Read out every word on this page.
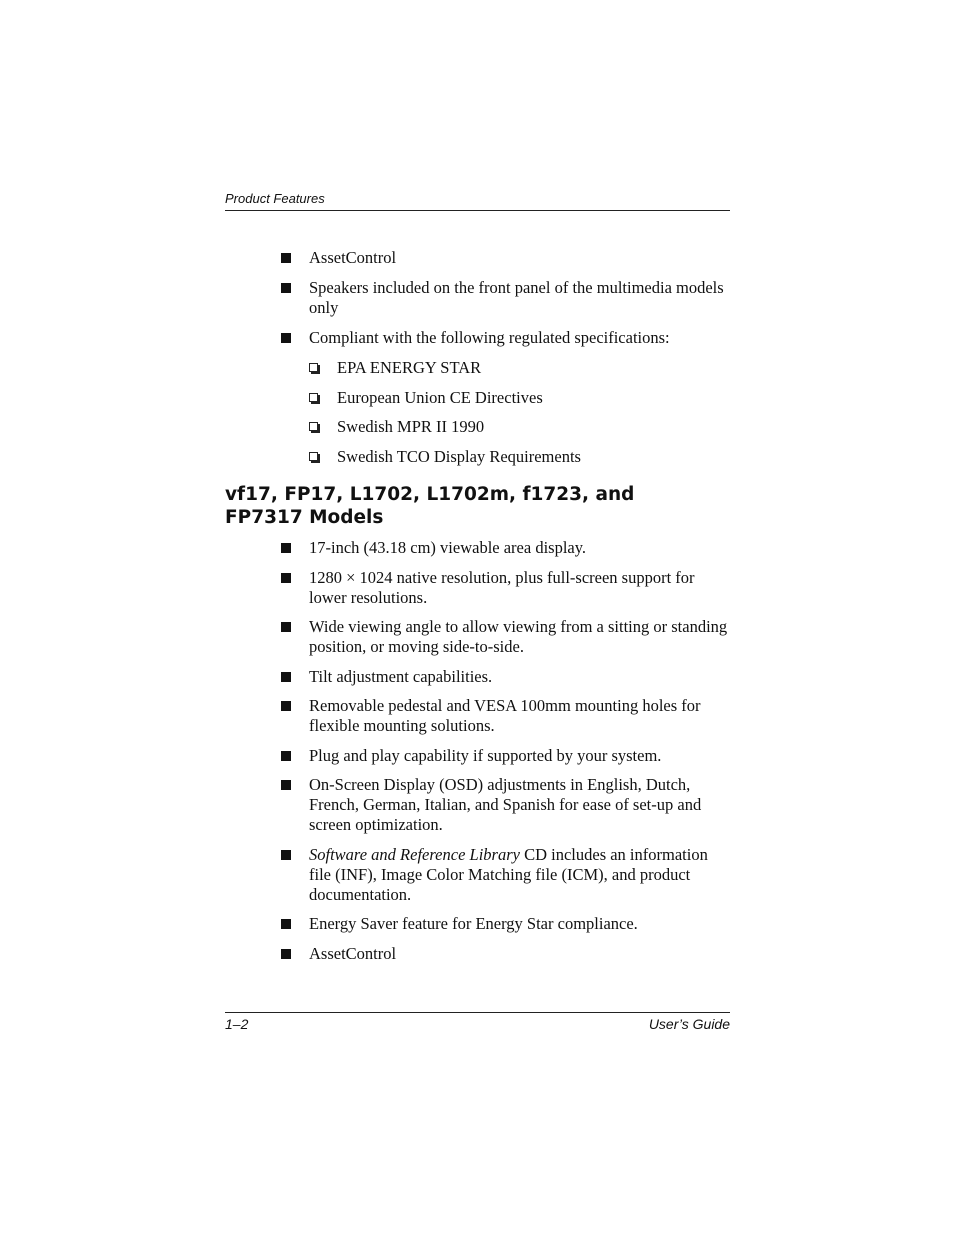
Product Features
AssetControl
Speakers included on the front panel of the multimedia models only
Compliant with the following regulated specifications:
EPA ENERGY STAR
European Union CE Directives
Swedish MPR II 1990
Swedish TCO Display Requirements
vf17, FP17, L1702, L1702m, f1723, and
FP7317 Models
17-inch (43.18 cm) viewable area display.
1280 × 1024 native resolution, plus full-screen support for lower resolutions.
Wide viewing angle to allow viewing from a sitting or standing position, or moving side-to-side.
Tilt adjustment capabilities.
Removable pedestal and VESA 100mm mounting holes for flexible mounting solutions.
Plug and play capability if supported by your system.
On-Screen Display (OSD) adjustments in English, Dutch, French, German, Italian, and Spanish for ease of set-up and screen optimization.
Software and Reference Library CD includes an information file (INF), Image Color Matching file (ICM), and product documentation.
Energy Saver feature for Energy Star compliance.
AssetControl
1–2	User’s Guide
